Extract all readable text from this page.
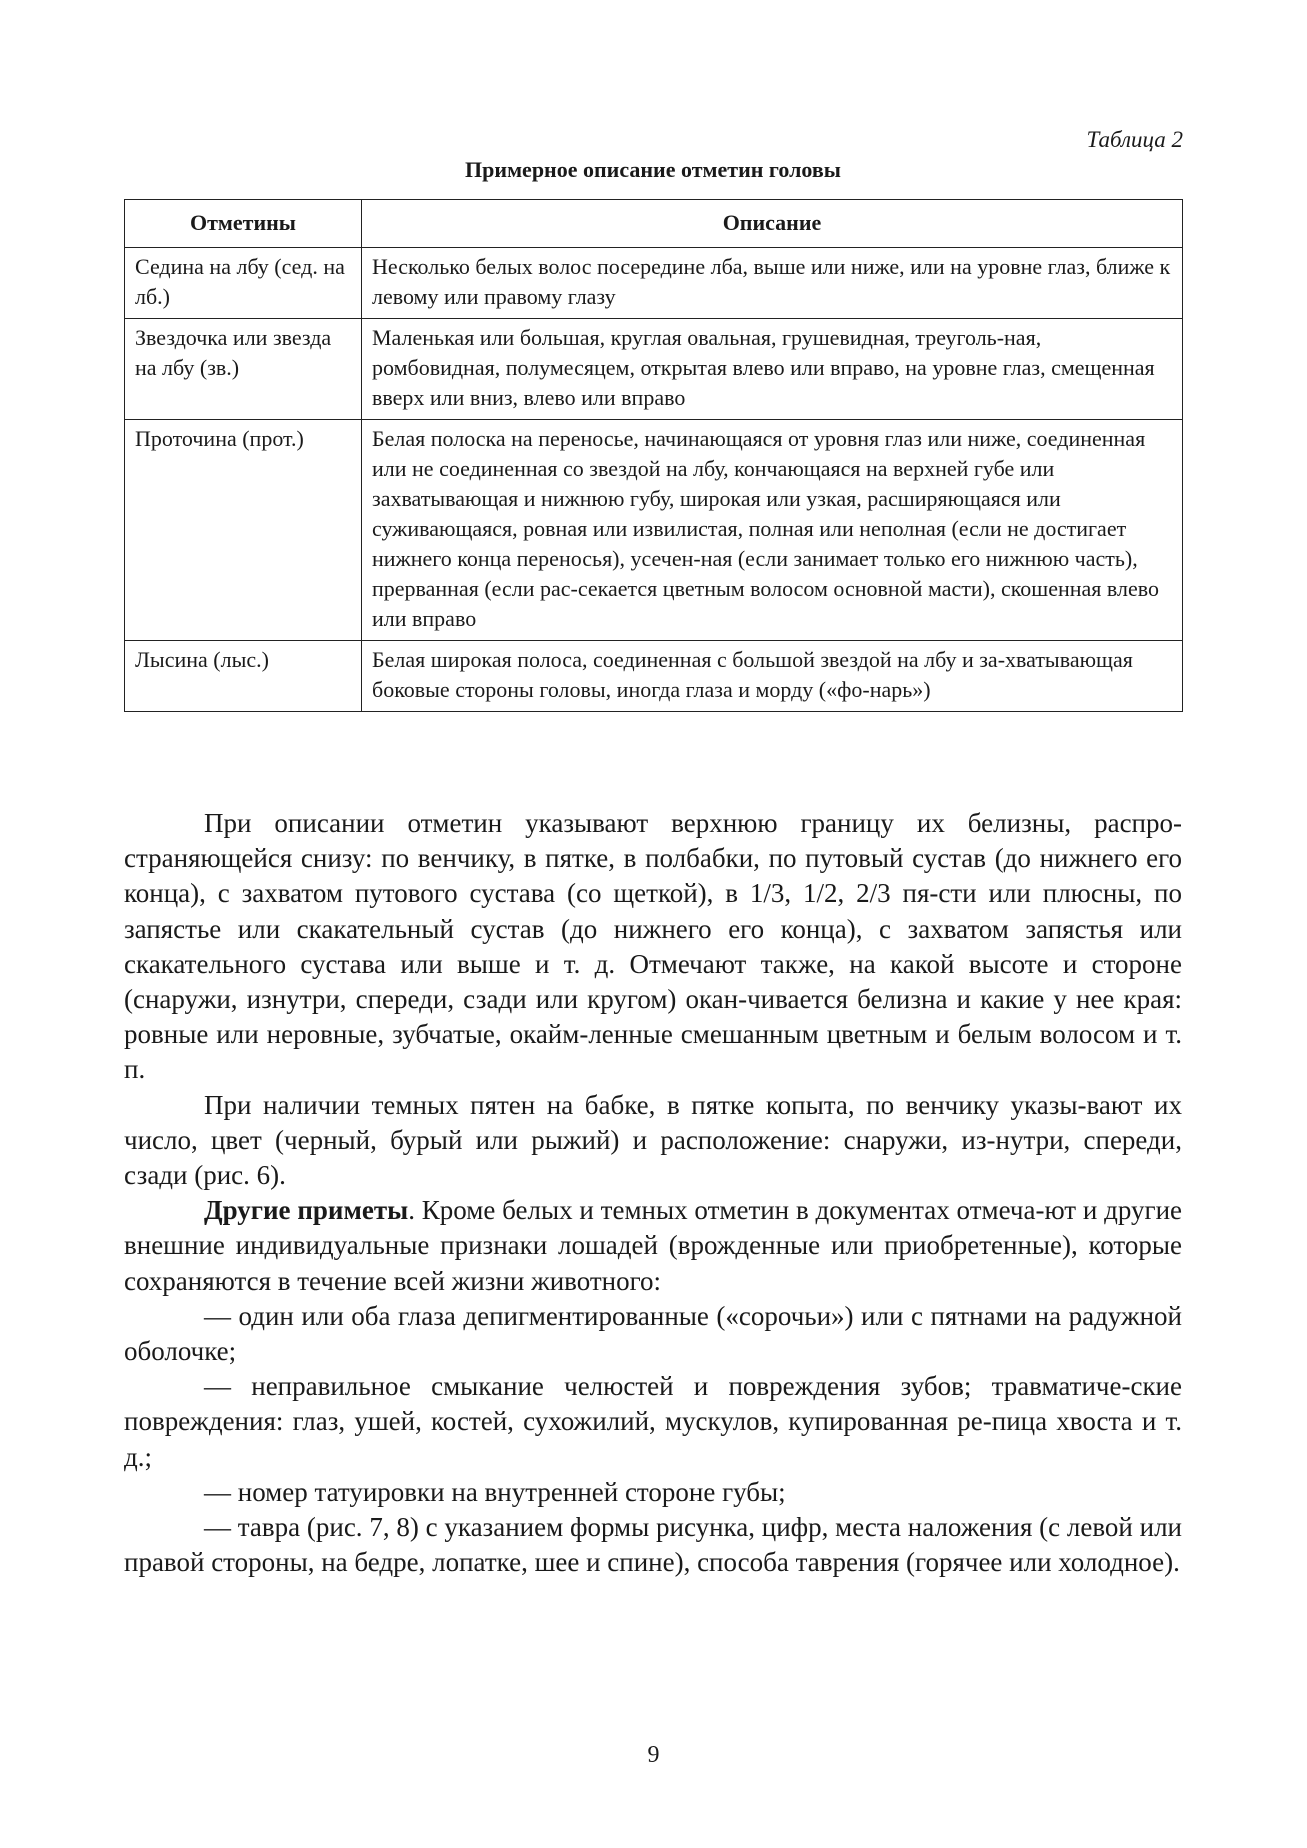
Таблица 2
Примерное описание отметин головы
Отметины	Описание
Седина на лбу (сед. на лб.)	Несколько белых волос посередине лба, выше или ниже, или на уровне глаз, ближе к левому или правому глазу
Звездочка или звезда на лбу (зв.)	Маленькая или большая, круглая овальная, грушевидная, треуголь-ная, ромбовидная, полумесяцем, открытая влево или вправо, на уровне глаз, смещенная вверх или вниз, влево или вправо
Проточина (прот.)	Белая полоска на переносье, начинающаяся от уровня глаз или ниже, соединенная или не соединенная со звездой на лбу, кончающаяся на верхней губе или захватывающая и нижнюю губу, широкая или узкая, расширяющаяся или суживающаяся, ровная или извилистая, полная или неполная (если не достигает нижнего конца переносья), усечен-ная (если занимает только его нижнюю часть), прерванная (если рас-секается цветным волосом основной масти), скошенная влево или вправо
Лысина (лыс.)	Белая широкая полоса, соединенная с большой звездой на лбу и за-хватывающая боковые стороны головы, иногда глаза и морду («фо-нарь»)

При описании отметин указывают верхнюю границу их белизны, распро-страняющейся снизу: по венчику, в пятке, в полбабки, по путовый сустав (до нижнего его конца), с захватом путового сустава (со щеткой), в 1/3, 1/2, 2/3 пя-сти или плюсны, по запястье или скакательный сустав (до нижнего его конца), с захватом запястья или скакательного сустава или выше и т. д. Отмечают также, на какой высоте и стороне (снаружи, изнутри, спереди, сзади или кругом) окан-чивается белизна и какие у нее края: ровные или неровные, зубчатые, окайм-ленные смешанным цветным и белым волосом и т. п.

При наличии темных пятен на бабке, в пятке копыта, по венчику указы-вают их число, цвет (черный, бурый или рыжий) и расположение: снаружи, из-нутри, спереди, сзади (рис. 6).

Другие приметы. Кроме белых и темных отметин в документах отмеча-ют и другие внешние индивидуальные признаки лошадей (врожденные или приобретенные), которые сохраняются в течение всей жизни животного:

— один или оба глаза депигментированные («сорочьи») или с пятнами на радужной оболочке;

— неправильное смыкание челюстей и повреждения зубов; травматиче-ские повреждения: глаз, ушей, костей, сухожилий, мускулов, купированная ре-пица хвоста и т. д.;

— номер татуировки на внутренней стороне губы;

— тавра (рис. 7, 8) с указанием формы рисунка, цифр, места наложения (с левой или правой стороны, на бедре, лопатке, шее и спине), способа таврения (горячее или холодное).

9
